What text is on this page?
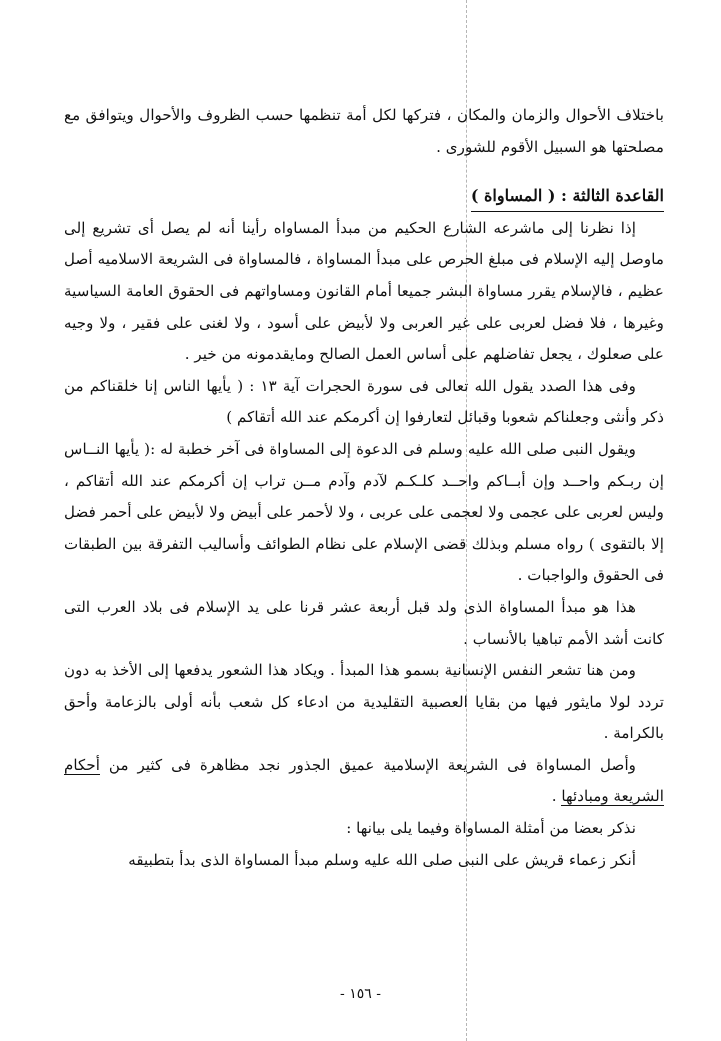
باختلاف الأحوال والزمان والمكان ، فتركها لكل أمة تنظمها حسب الظروف والأحوال ويتوافق مع مصلحتها هو السبيل الأقوم للشورى .

القاعدة الثالثة : ( المساواة )

إذا نظرنا إلى ماشرعه الشارع الحكيم من مبدأ المساواه رأينا أنه لم يصل أى تشريع إلى ماوصل إليه الإسلام فى مبلغ الحرص على مبدأ المساواة ، فالمساواة فى الشريعة الاسلاميه أصل عظيم ، فالإسلام يقرر مساواة البشر جميعا أمام القانون ومساواتهم فى الحقوق العامة السياسية وغيرها ، فلا فضل لعربى على غير العربى ولا لأبيض على أسود ، ولا لغنى على فقير ، ولا وجيه على صعلوك ، يجعل تفاضلهم على أساس العمل الصالح ومايقدمونه من خير .

وفى هذا الصدد يقول الله تعالى فى سورة الحجرات آية ١٣ : ( يأيها الناس إنا خلقناكم من ذكر وأنثى وجعلناكم شعوبا وقبائل لتعارفوا إن أكرمكم عند الله أتقاكم )

ويقول النبى صلى الله عليه وسلم فى الدعوة إلى المساواة فى آخر خطبة له :( يأيها النــاس إن ربـكم واحــد وإن أبــاكم واحــد كلـكـم لآدم وآدم مــن تراب إن أكرمكم عند الله أتقاكم ، وليس لعربى على عجمى ولا لعجمى على عربى ، ولا لأحمر على أبيض ولا لأبيض على أحمر فضل إلا بالتقوى ) رواه مسلم وبذلك قضى الإسلام على نظام الطوائف وأساليب التفرقة بين الطبقات فى الحقوق والواجبات .

هذا هو مبدأ المساواة الذى ولد قبل أربعة عشر قرنا على يد الإسلام فى بلاد العرب التى كانت أشد الأمم تباهيا بالأنساب .

ومن هنا تشعر النفس الإنسانية بسمو هذا المبدأ . ويكاد هذا الشعور يدفعها إلى الأخذ به دون تردد لولا مايثور فيها من بقايا العصبية التقليدية من ادعاء كل شعب بأنه أولى بالزعامة وأحق بالكرامة .

وأصل المساواة فى الشريعة الإسلامية عميق الجذور نجد مظاهرة فى كثير من أحكام الشريعة ومبادئها .

نذكر بعضا من أمثلة المساواة وفيما يلى بيانها :

أنكر زعماء قريش على النبى صلى الله عليه وسلم مبدأ المساواة الذى بدأ بتطبيقه

- ١٥٦ -
